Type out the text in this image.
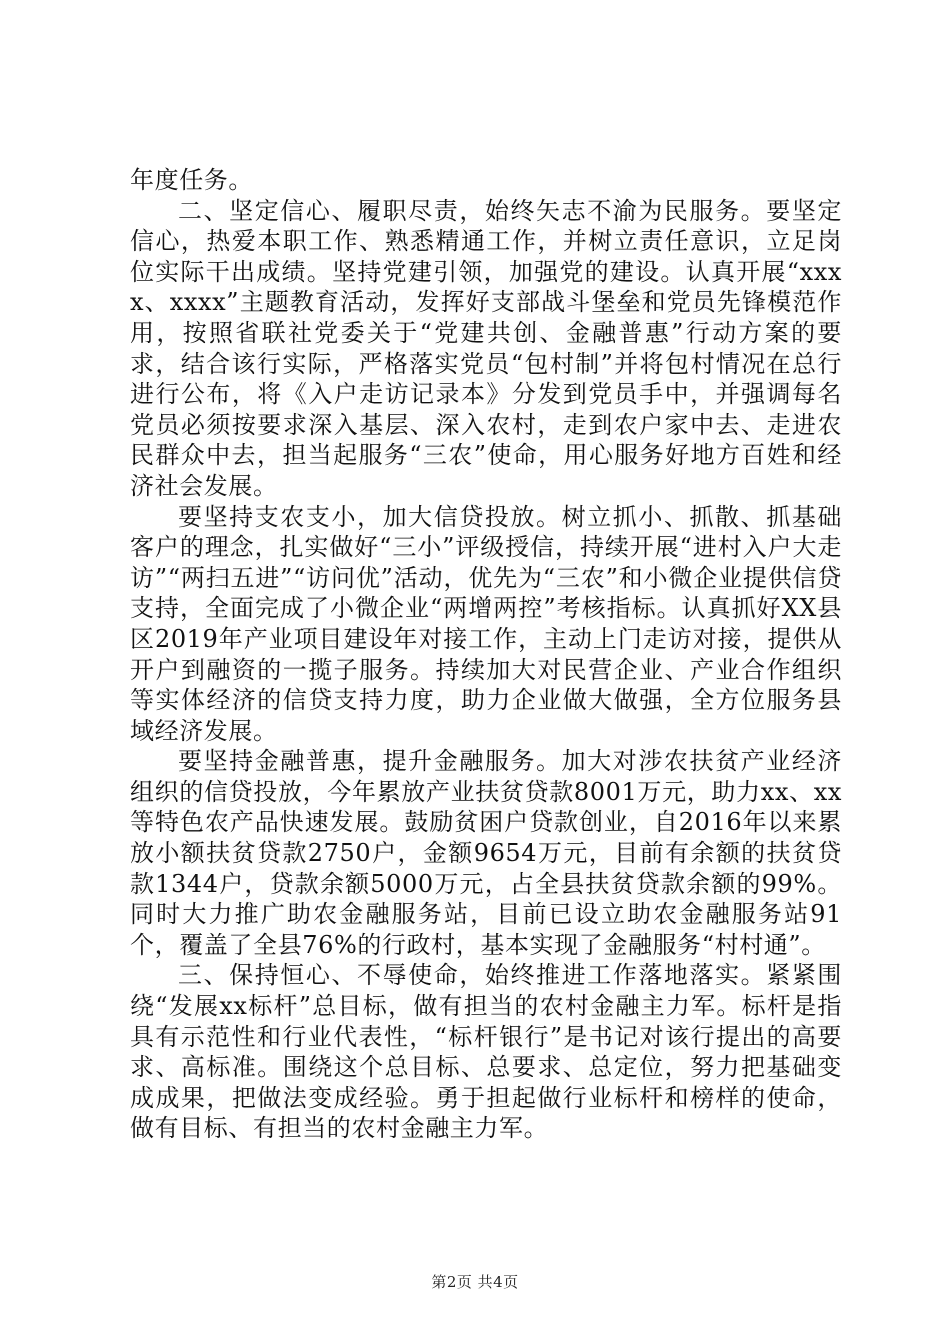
年度任务。

二、坚定信心、履职尽责，始终矢志不渝为民服务。要坚定信心，热爱本职工作、熟悉精通工作，并树立责任意识，立足岗位实际干出成绩。坚持党建引领，加强党的建设。认真开展“xxxx、xxxx”主题教育活动，发挥好支部战斗堡垒和党员先锋模范作用，按照省联社党委关于“党建共创、金融普惠”行动方案的要求，结合该行实际，严格落实党员“包村制”并将包村情况在总行进行公布，将《入户走访记录本》分发到党员手中，并强调每名党员必须按要求深入基层、深入农村，走到农户家中去、走进农民群众中去，担当起服务“三农”使命，用心服务好地方百姓和经济社会发展。

要坚持支农支小，加大信贷投放。树立抓小、抓散、抓基础客户的理念，扎实做好“三小”评级授信，持续开展“进村入户大走访”“两扫五进”“访问优”活动，优先为“三农”和小微企业提供信贷支持，全面完成了小微企业“两增两控”考核指标。认真抓好XX县区2019年产业项目建设年对接工作，主动上门走访对接，提供从开户到融资的一揽子服务。持续加大对民营企业、产业合作组织等实体经济的信贷支持力度，助力企业做大做强，全方位服务县域经济发展。

要坚持金融普惠，提升金融服务。加大对涉农扶贫产业经济组织的信贷投放，今年累放产业扶贫贷款8001万元，助力xx、xx等特色农产品快速发展。鼓励贫困户贷款创业，自2016年以来累放小额扶贫贷款2750户，金额9654万元，目前有余额的扶贫贷款1344户，贷款余额5000万元，占全县扶贫贷款余额的99%。同时大力推广助农金融服务站，目前已设立助农金融服务站91个，覆盖了全县76%的行政村，基本实现了金融服务“村村通”。

三、保持恒心、不辱使命，始终推进工作落地落实。紧紧围绕“发展xx标杆”总目标，做有担当的农村金融主力军。标杆是指具有示范性和行业代表性，“标杆银行”是书记对该行提出的高要求、高标准。围绕这个总目标、总要求、总定位，努力把基础变成成果，把做法变成经验。勇于担起做行业标杆和榜样的使命，做有目标、有担当的农村金融主力军。

第2页 共4页
